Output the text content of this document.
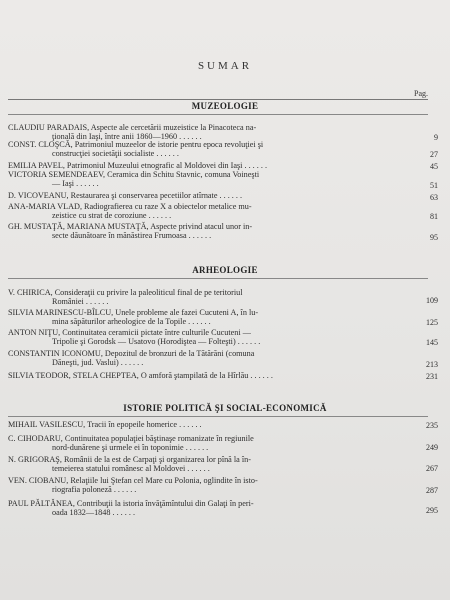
SUMAR
Pag.
MUZEOLOGIE
CLAUDIU PARADAIS, Aspecte ale cercetării muzeistice la Pinacoteca na-
ţională din Iaşi, între anii 1860—1960 . . . . . .	9
CONST. CLOŞCĂ, Patrimoniul muzeelor de istorie pentru epoca revoluţiei şi
construcţiei societăţii socialiste . . . . . .	27
EMILIA PAVEL, Patrimoniul Muzeului etnografic al Moldovei din Iaşi . . . . . .	45
VICTORIA SEMENDEAEV, Ceramica din Schitu Stavnic, comuna Voineşti
— Iaşi . . . . . .	51
D. VICOVEANU, Restaurarea şi conservarea pecetiilor atîrnate . . . . . .	63
ANA-MARIA VLAD, Radiografierea cu raze X a obiectelor metalice mu-
zeistice cu strat de coroziune . . . . . .	81
GH. MUSTAŢĂ, MARIANA MUSTAŢĂ, Aspecte privind atacul unor in-
secte dăunătoare în mănăstirea Frumoasa . . . . . .	95
ARHEOLOGIE
V. CHIRICA, Consideraţii cu privire la paleoliticul final de pe teritoriul
României . . . . . .	109
SILVIA MARINESCU-BÎLCU, Unele probleme ale fazei Cucuteni A, în lu-
mina săpăturilor arheologice de la Topile . . . . . .	125
ANTON NIŢU, Continuitatea ceramicii pictate între culturile Cucuteni —
Tripolie şi Gorodsk — Usatovo (Horodiştea — Folteşti) . . . . . .	145
CONSTANTIN ICONOMU, Depozitul de bronzuri de la Tătărăni (comuna
Dăneşti, jud. Vaslui) . . . . . .	213
SILVIA TEODOR, STELA CHEPTEA, O amforă ştampilată de la Hîrlău . . . . . .	231
ISTORIE POLITICĂ ŞI SOCIAL-ECONOMICĂ
MIHAIL VASILESCU, Tracii în epopeile homerice . . . . . .	235
C. CIHODARU, Continuitatea populaţiei băştinaşe romanizate în regiunile
nord-dunărene şi urmele ei în toponimie . . . . . .	249
N. GRIGORAŞ, Românii de la est de Carpaţi şi organizarea lor pînă la în-
temeierea statului românesc al Moldovei . . . . . .	267
VEN. CIOBANU, Relaţiile lui Ştefan cel Mare cu Polonia, oglindite în isto-
riografia poloneză . . . . . .	287
PAUL PĂLTĂNEA, Contribuţii la istoria învăţămîntului din Galaţi în peri-
oada 1832—1848 . . . . . .	295
